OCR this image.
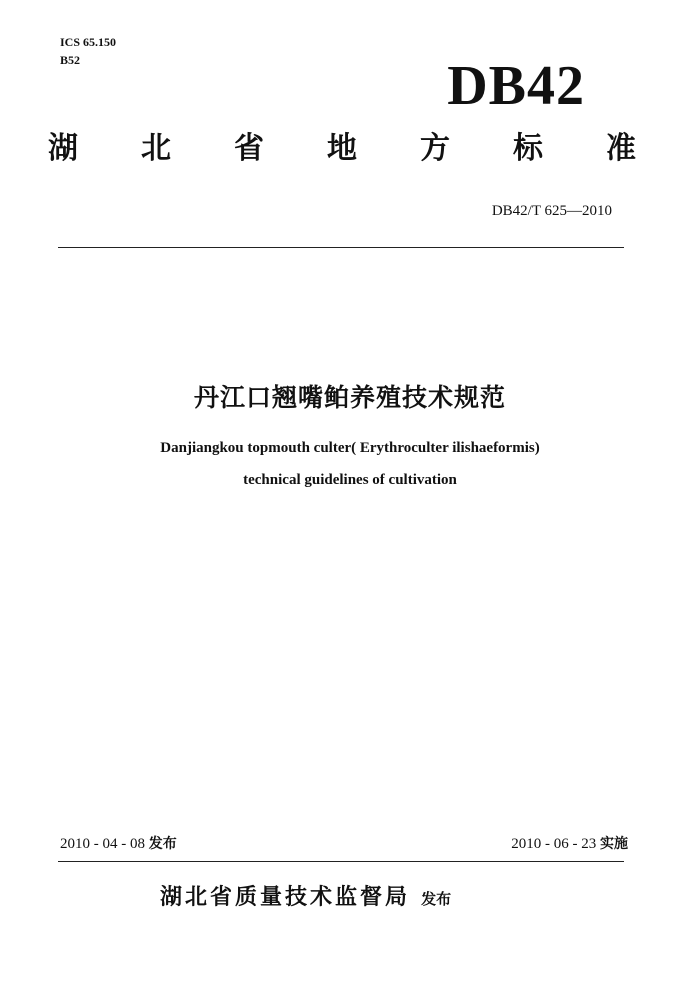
ICS 65.150
B52	DB42
湖 北 省 地 方 标 准
DB42/T 625—2010
丹江口翘嘴鲌养殖技术规范
Danjiangkou topmouth culter( Erythroculter ilishaeformis)
technical guidelines of cultivation
2010 - 04 - 08 发布	2010 - 06 - 23 实施
湖北省质量技术监督局 发布
